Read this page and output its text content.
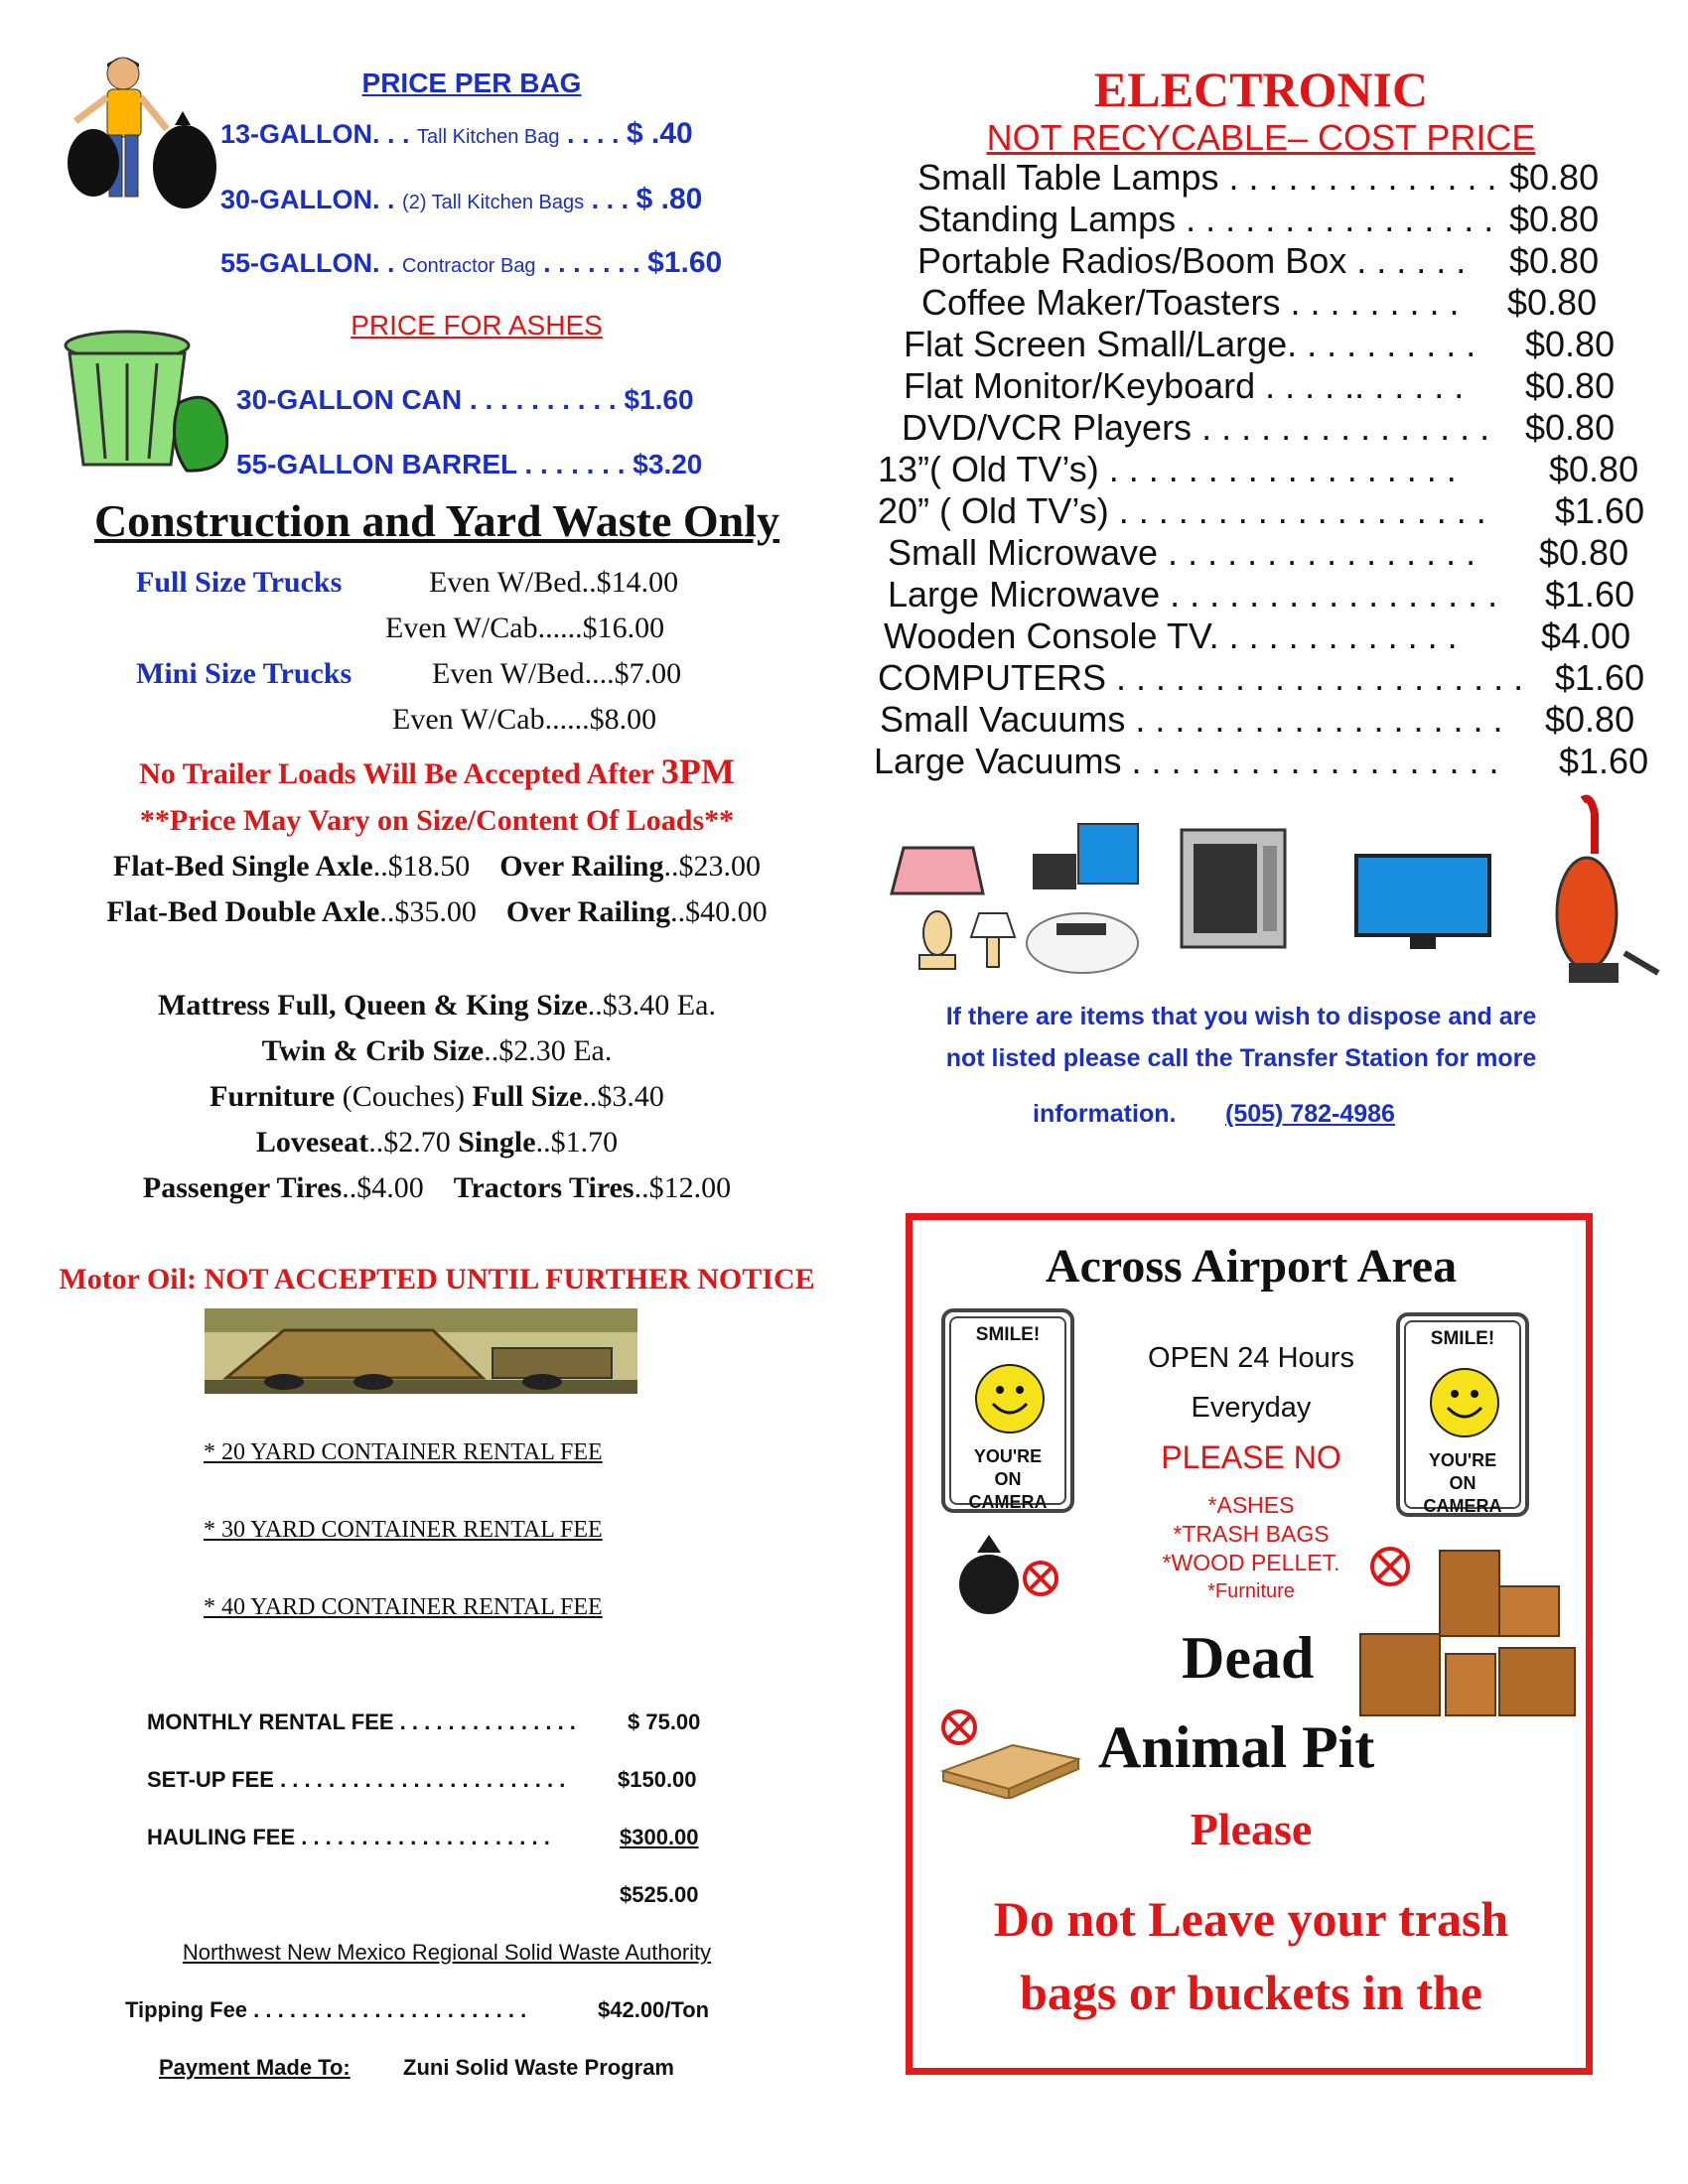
PRICE PER BAG
13-GALLON. . . Tall Kitchen Bag . . . . $ .40
30-GALLON. . (2) Tall Kitchen Bags . . . $ .80
55-GALLON. . Contractor Bag . . . . . . . $1.60
PRICE FOR ASHES
30-GALLON CAN . . . . . . . . . . $1.60
55-GALLON BARREL . . . . . . . $3.20
Construction and Yard Waste Only
Full Size Trucks	Even W/Bed..$14.00
Even W/Cab......$16.00
Mini Size Trucks	Even W/Bed....$7.00
Even W/Cab......$8.00
No Trailer Loads Will Be Accepted After 3PM
**Price May Vary on Size/Content Of Loads**
Flat-Bed Single Axle..$18.50 Over Railing..$23.00
Flat-Bed Double Axle..$35.00 Over Railing..$40.00
Mattress Full, Queen & King Size..$3.40 Ea.
Twin & Crib Size..$2.30 Ea.
Furniture (Couches) Full Size..$3.40
Loveseat..$2.70 Single..$1.70
Passenger Tires..$4.00 Tractors Tires..$12.00
Motor Oil: NOT ACCEPTED UNTIL FURTHER NOTICE
* 20 YARD CONTAINER RENTAL FEE
* 30 YARD CONTAINER RENTAL FEE
* 40 YARD CONTAINER RENTAL FEE
MONTHLY RENTAL FEE . . . . . . . . . . . . . . . $ 75.00
SET-UP FEE . . . . . . . . . . . . . . . . . . . . . . . . $150.00
HAULING FEE . . . . . . . . . . . . . . . . . . . . .	$300.00
$525.00
Northwest New Mexico Regional Solid Waste Authority
Tipping Fee . . . . . . . . . . . . . . . . . . . . . . .	$42.00/Ton
Payment Made To: Zuni Solid Waste Program
ELECTRONIC
NOT RECYCABLE– COST PRICE
Small Table Lamps . . . . . . . . . . . . . . $0.80
Standing Lamps . . . . . . . . . . . . . . . . $0.80
Portable Radios/Boom Box . . . . . . $0.80
Coffee Maker/Toasters . . . . . . . . . $0.80
Flat Screen Small/Large. . . . . . . . . . $0.80
Flat Monitor/Keyboard . . . . .. . . . . . $0.80
DVD/VCR Players . . . . . . . . . . . . . . . $0.80
13”( Old TV’s) . . . . . . . . . . . . . . . . . .	$0.80
20” ( Old TV’s) . . . . . . . . . . . . . . . . . . . $1.60
Small Microwave . . . . . . . . . . . . . . . . $0.80
Large Microwave . . . . . . . . . . . . . . . . . $1.60
Wooden Console TV. . . . . . . . . . . . . $4.00
COMPUTERS . . . . . . . . . . . . . . . . . . . . . $1.60
Small Vacuums . . . . . . . . . . . . . . . . . . . $0.80
Large Vacuums . . . . . . . . . . . . . . . . . . . $1.60
If there are items that you wish to dispose and are
not listed please call the Transfer Station for more
information. (505) 782-4986
Across Airport Area
SMILE!
YOU'RE
ON
CAMERA
SMILE!
YOU'RE
ON
CAMERA
OPEN 24 Hours
Everyday
PLEASE NO
*ASHES
*TRASH BAGS
*WOOD PELLET.
*Furniture
Dead
Animal Pit
Please
Do not Leave your trash
bags or buckets in the
